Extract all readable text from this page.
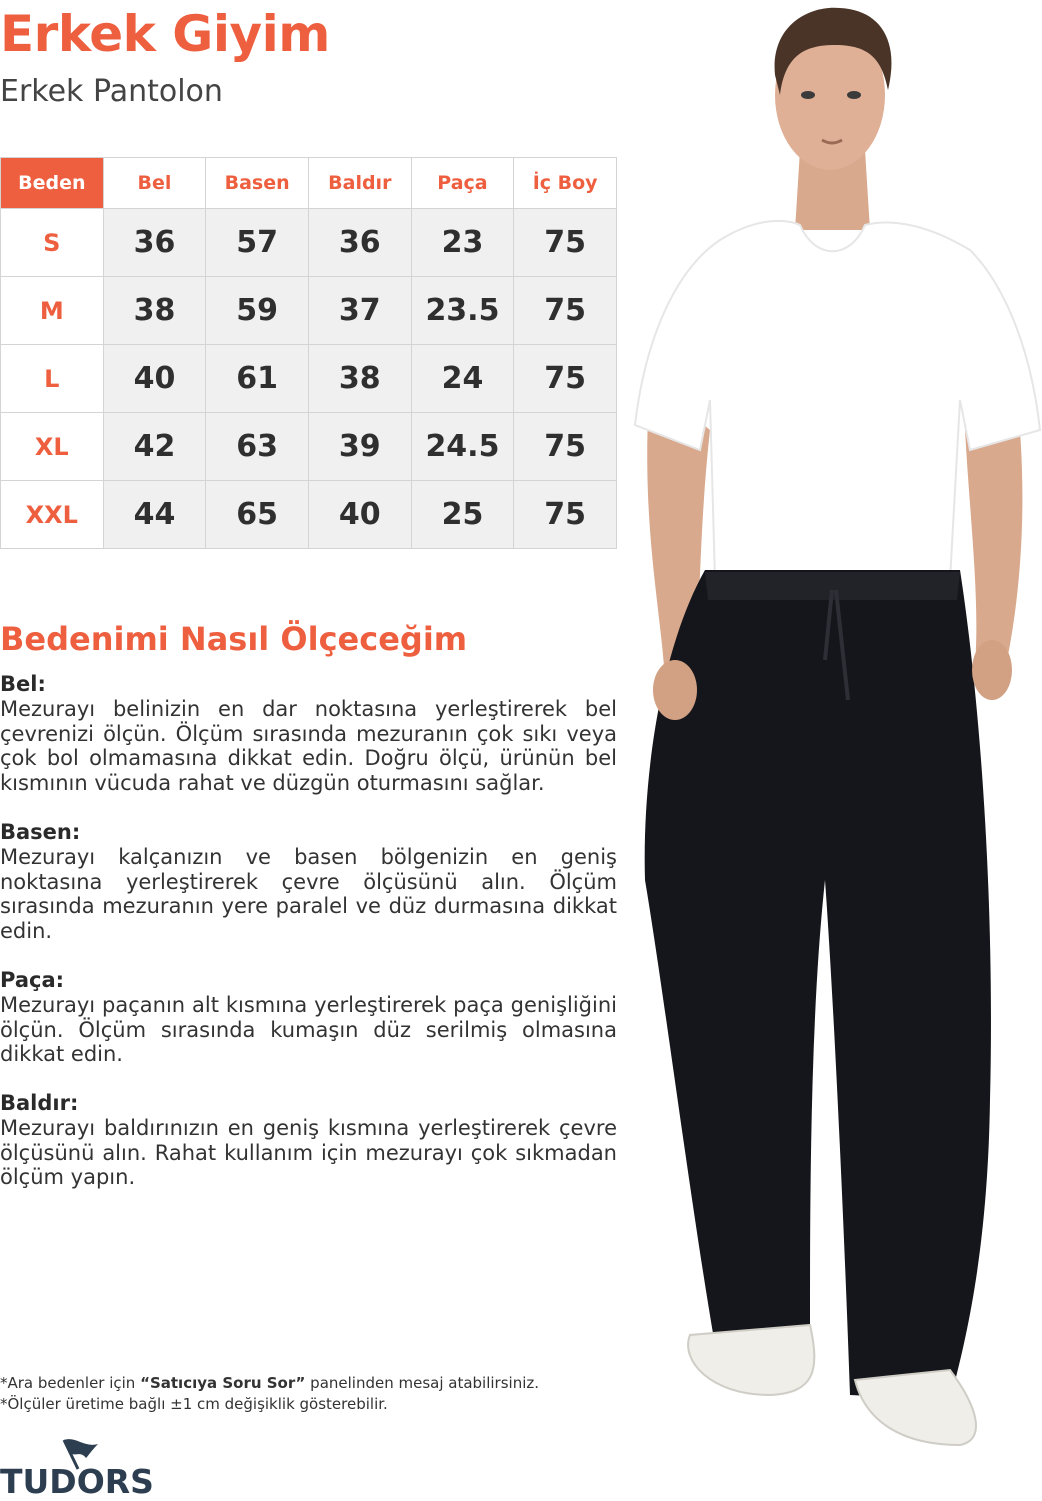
Erkek Giyim
Erkek Pantolon
Beden	Bel	Basen	Baldır	Paça	İç Boy
S	36	57	36	23	75
M	38	59	37	23.5	75
L	40	61	38	24	75
XL	42	63	39	24.5	75
XXL	44	65	40	25	75
Bedenimi Nasıl Ölçeceğim
Bel:

Mezurayı belinizin en dar noktasına yerleştirerek bel çevrenizi ölçün. Ölçüm sırasında mezuranın çok sıkı veya çok bol olmamasına dikkat edin. Doğru ölçü, ürünün bel kısmının vücuda rahat ve düzgün oturmasını sağlar.

Basen:

Mezurayı kalçanızın ve basen bölgenizin en geniş noktasına yerleştirerek çevre ölçüsünü alın. Ölçüm sırasında mezuranın yere paralel ve düz durmasına dikkat edin.

Paça:

Mezurayı paçanın alt kısmına yerleştirerek paça genişliğini ölçün. Ölçüm sırasında kumaşın düz serilmiş olmasına dikkat edin.

Baldır:

Mezurayı baldırınızın en geniş kısmına yerleştirerek çevre ölçüsünü alın. Rahat kullanım için mezurayı çok sıkmadan ölçüm yapın.

*Ara bedenler için “Satıcıya Soru Sor” panelinden mesaj atabilirsiniz.
*Ölçüler üretime bağlı ±1 cm değişiklik gösterebilir.
TUDORS
